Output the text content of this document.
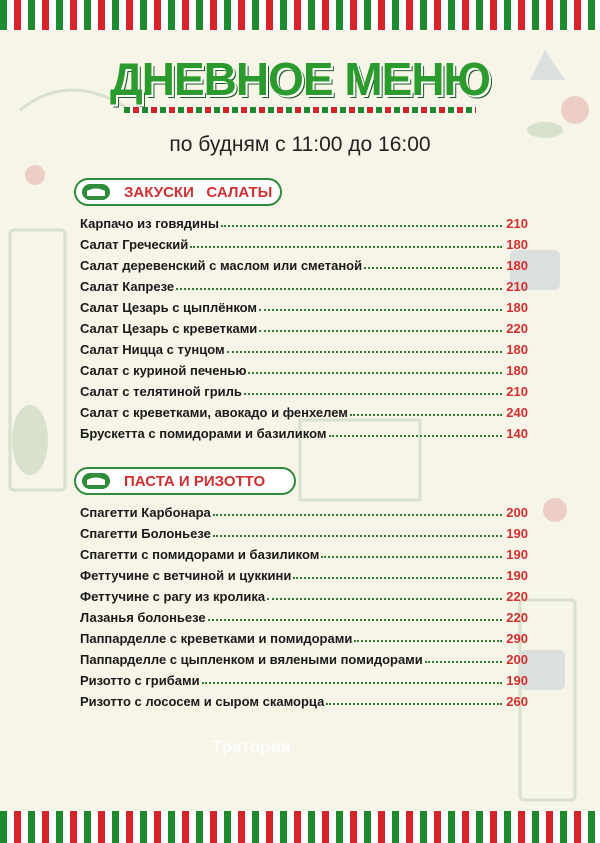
ДНЕВНОЕ МЕНЮ
по будням с 11:00 до 16:00
ЗАКУСКИ   САЛАТЫ
Карпачо из говядины	210
Салат Греческий	180
Салат деревенский с маслом или сметаной	180
Салат Капрезе	210
Салат Цезарь с цыплёнком	180
Салат Цезарь с креветками	220
Салат Ницца с тунцом	180
Салат с куриной печенью	180
Салат с телятиной гриль	210
Салат с креветками, авокадо и фенхелем	240
Брускетта с помидорами и базиликом	140
ПАСТА И РИЗОТТО
Спагетти Карбонара	200
Спагетти Болоньезе	190
Спагетти с помидорами и базиликом	190
Феттучине с ветчиной и цуккини	190
Феттучине с рагу из кролика	220
Лазанья болоньезе	220
Паппарделле с креветками и помидорами	290
Паппарделле с цыпленком и вялеными помидорами	200
Ризотто с грибами	190
Ризотто с лососем и сыром скаморца	260
Тратория
